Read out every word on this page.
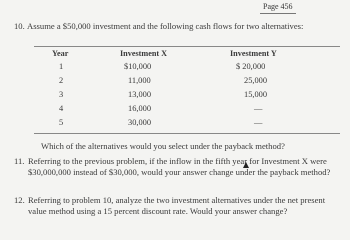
Page 456
10. Assume a $50,000 investment and the following cash flows for two alternatives:
Year	Investment X	Investment Y
1	$10,000	$ 20,000
2	11,000	25,000
3	13,000	15,000
4	16,000	—
5	30,000	—
Which of the alternatives would you select under the payback method?
11. Referring to the previous problem, if the inflow in the fifth year for Investment X were $30,000,000 instead of $30,000, would your answer change under the payback method?
12. Referring to problem 10, analyze the two investment alternatives under the net present value method using a 15 percent discount rate. Would your answer change?
